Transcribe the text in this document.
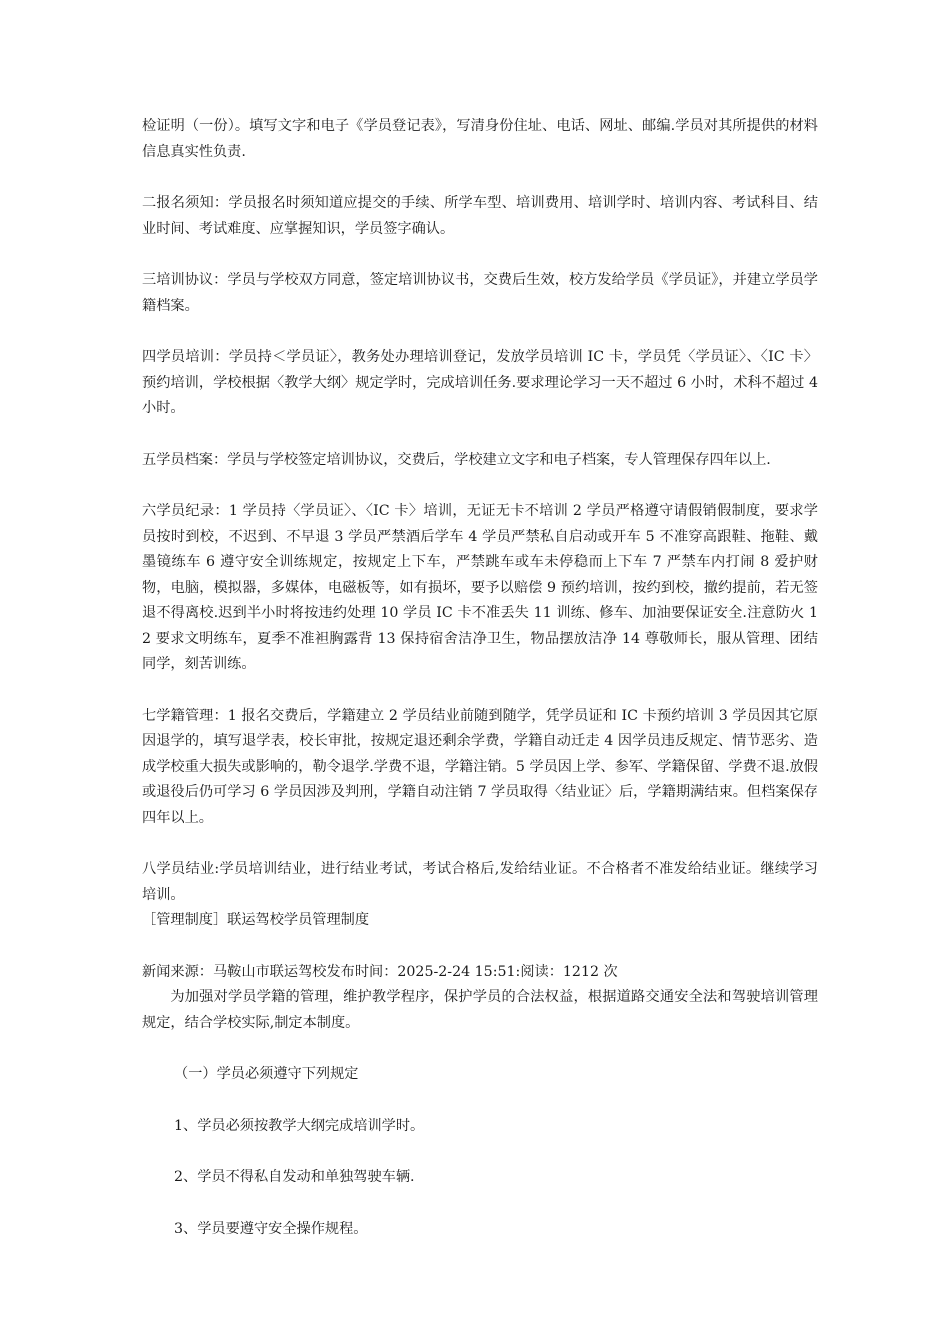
检证明（一份）。填写文字和电子《学员登记表》，写清身份住址、电话、网址、邮编.学员对其所提供的材料信息真实性负责.

二报名须知：学员报名时须知道应提交的手续、所学车型、培训费用、培训学时、培训内容、考试科目、结业时间、考试难度、应掌握知识，学员签字确认。

三培训协议：学员与学校双方同意，签定培训协议书，交费后生效，校方发给学员《学员证》，并建立学员学籍档案。

四学员培训：学员持＜学员证〉，教务处办理培训登记，发放学员培训 IC 卡，学员凭〈学员证〉、〈IC 卡〉预约培训，学校根据〈教学大纲〉规定学时，完成培训任务.要求理论学习一天不超过 6 小时，术科不超过 4 小时。

五学员档案：学员与学校签定培训协议，交费后，学校建立文字和电子档案，专人管理保存四年以上.

六学员纪录：1 学员持〈学员证〉、〈IC 卡〉培训，无证无卡不培训 2 学员严格遵守请假销假制度，要求学员按时到校，不迟到、不早退 3 学员严禁酒后学车 4 学员严禁私自启动或开车 5 不准穿高跟鞋、拖鞋、戴墨镜练车 6 遵守安全训练规定，按规定上下车，严禁跳车或车未停稳而上下车 7 严禁车内打闹 8 爱护财物，电脑，模拟器，多媒体，电磁板等，如有损坏，要予以赔偿 9 预约培训，按约到校，撤约提前，若无签退不得离校.迟到半小时将按违约处理 10 学员 IC 卡不准丢失 11 训练、修车、加油要保证安全.注意防火 12 要求文明练车，夏季不准袒胸露背 13 保持宿舍洁净卫生，物品摆放洁净 14 尊敬师长，服从管理、团结同学，刻苦训练。

七学籍管理：1 报名交费后，学籍建立 2 学员结业前随到随学，凭学员证和 IC 卡预约培训 3 学员因其它原因退学的，填写退学表，校长审批，按规定退还剩余学费，学籍自动迁走 4 因学员违反规定、情节恶劣、造成学校重大损失或影响的，勒令退学.学费不退，学籍注销。5 学员因上学、参军、学籍保留、学费不退.放假或退役后仍可学习 6 学员因涉及判刑，学籍自动注销 7 学员取得〈结业证〉后，学籍期满结束。但档案保存四年以上。

八学员结业:学员培训结业，进行结业考试，考试合格后,发给结业证。不合格者不准发给结业证。继续学习培训。

［管理制度］联运驾校学员管理制度

新闻来源：马鞍山市联运驾校发布时间：2025-2-24 15:51:阅读：1212 次

为加强对学员学籍的管理，维护教学程序，保护学员的合法权益，根据道路交通安全法和驾驶培训管理规定，结合学校实际,制定本制度。

（一）学员必须遵守下列规定

1、学员必须按教学大纲完成培训学时。

2、学员不得私自发动和单独驾驶车辆.

3、学员要遵守安全操作规程。
